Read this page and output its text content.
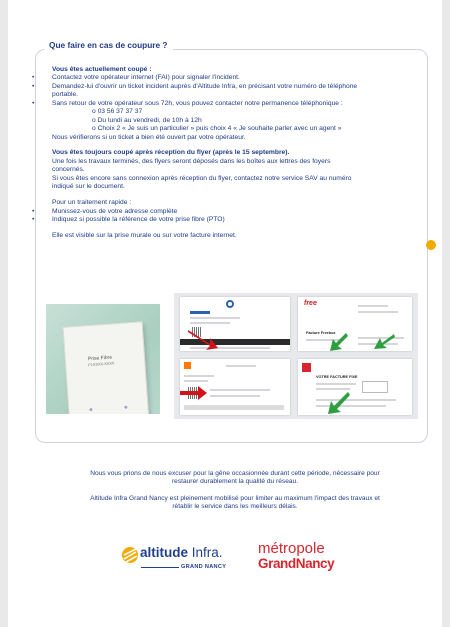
Que faire en cas de coupure ?
Vous êtes actuellement coupé :
•	Contactez votre opérateur internet (FAI) pour signaler l'incident.
•	Demandez-lui d'ouvrir un ticket incident auprès d'Altitude Infra, en précisant votre numéro de téléphone
portable.
•	Sans retour de votre opérateur sous 72h, vous pouvez contacter notre permanence téléphonique :
o 03 56 37 37 37
o Du lundi au vendredi, de 10h à 12h
o Choix 2 « Je suis un particulier » puis choix 4 « Je souhaite parler avec un agent »
Nous vérifierons si un ticket a bien été ouvert par votre opérateur.
Vous êtes toujours coupé après réception du flyer (après le 15 septembre).
Une fois les travaux terminés, des flyers seront déposés dans les boîtes aux lettres des foyers
concernés.
Si vous êtes encore sans connexion après réception du flyer, contactez notre service SAV au numéro
indiqué sur le document.
Pour un traitement rapide :
•	Munissez-vous de votre adresse complète
•	Indiquez si possible la référence de votre prise fibre (PTO)
Elle est visible sur la prise murale ou sur votre facture internet.
Prise Fibre
FI-XXXX-XXXX
free
Facture Freebox
VOTRE FACTURE FIXE
Nous vous prions de nous excuser pour la gêne occasionnée durant cette période, nécessaire pour
restaurer durablement la qualité du réseau.
Altitude Infra Grand Nancy est pleinement mobilisé pour limiter au maximum l'impact des travaux et
rétablir le service dans les meilleurs délais.
altitude Infra.
GRAND NANCY
métropole
GrandNancy
